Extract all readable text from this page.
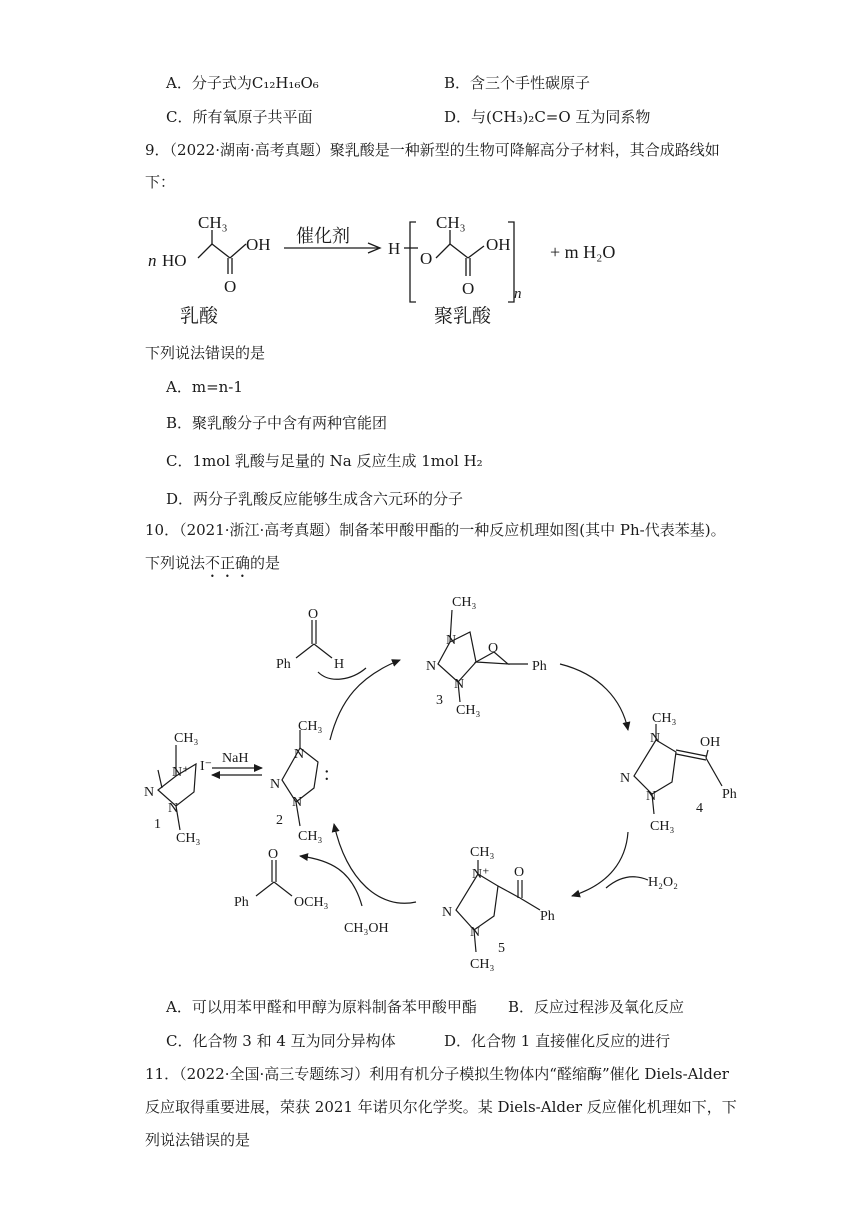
A．分子式为C₁₂H₁₆O₆	B．含三个手性碳原子
C．所有氧原子共平面	D．与(CH₃)₂C=O 互为同系物
9．（2022·湖南·高考真题）聚乳酸是一种新型的生物可降解高分子材料，其合成路线如
下：
n HO
CH₃
OH
O
催化剂
H
O
CH₃
OH
O	n
+ m H₂O
乳酸	聚乳酸
下列说法错误的是
A．m=n-1
B．聚乳酸分子中含有两种官能团
C．1mol 乳酸与足量的 Na 反应生成 1mol H₂
D．两分子乳酸反应能够生成含六元环的分子
10．（2021·浙江·高考真题）制备苯甲酸甲酯的一种反应机理如图(其中 Ph-代表苯基)。
下列说法不正确的是
CH₃
N⁺ I⁻
N
N
1
CH₃
NaH
CH₃
N
N
N
:
2
CH₃
O
Ph	H
CH₃
N
N
N
O
Ph
3
CH₃
CH₃
N
N
N
OH
Ph
4
CH₃
H₂O₂
CH₃
N⁺
N
N
O
Ph
5
CH₃
O
Ph	OCH₃
CH₃OH
A．可以用苯甲醛和甲醇为原料制备苯甲酸甲酯 B．反应过程涉及氧化反应
C．化合物 3 和 4 互为同分异构体	D．化合物 1 直接催化反应的进行
11．（2022·全国·高三专题练习）利用有机分子模拟生物体内“醛缩酶”催化 Diels-Alder
反应取得重要进展，荣获 2021 年诺贝尔化学奖。某 Diels-Alder 反应催化机理如下，下
列说法错误的是
